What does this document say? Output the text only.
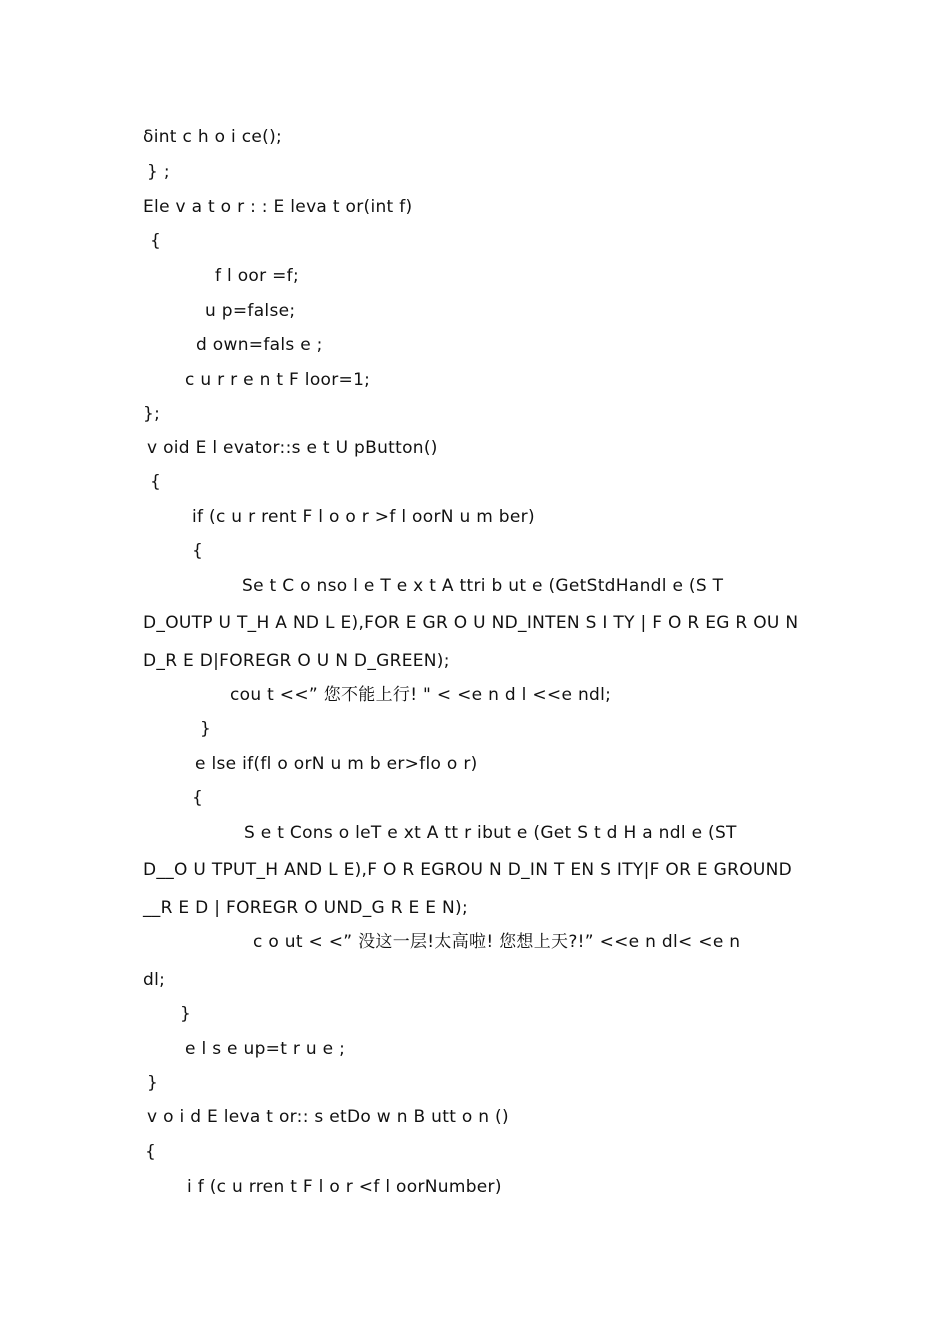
δint c h o i ce();
} ;
Ele v a t o r : : E leva t or(int f)
{
f l oor =f;
u p=false;
d own=fals e ;
c u r r e n t F loor=1;
};
v oid E l evator::s e t U pButton()
{
if (c u r rent F l o o r >f l oorN u m ber)
{
Se t C o nso l e T e x t A ttri b ut e (GetStdHandl e (S T
D_OUTP U T_H A ND L E),FOR E GR O U ND_INTEN S I TY | F O R EG R OU N
D_R E D|FOREGR O U N D_GREEN);
cou t <<” 您不能上行! " < <e n d l <<e ndl;
}
e lse if(fl o orN u m b er>flo o r)
{
S e t Cons o leT e xt A tt r ibut e (Get S t d H a ndl e (ST
D__O U TPUT_H AND L E),F O R EGROU N D_IN T EN S ITY|F OR E GROUND
__R E D | FOREGR O UND_G R E E N);
c o ut < <” 没这一层!太高啦! 您想上天?!” <<e n dl< <e n
dl;
}
e l s e up=t r u e ;
}
v o i d E leva t or:: s etDo w n B utt o n ()
{
i f (c u rren t F l o r <f l oorNumber)
